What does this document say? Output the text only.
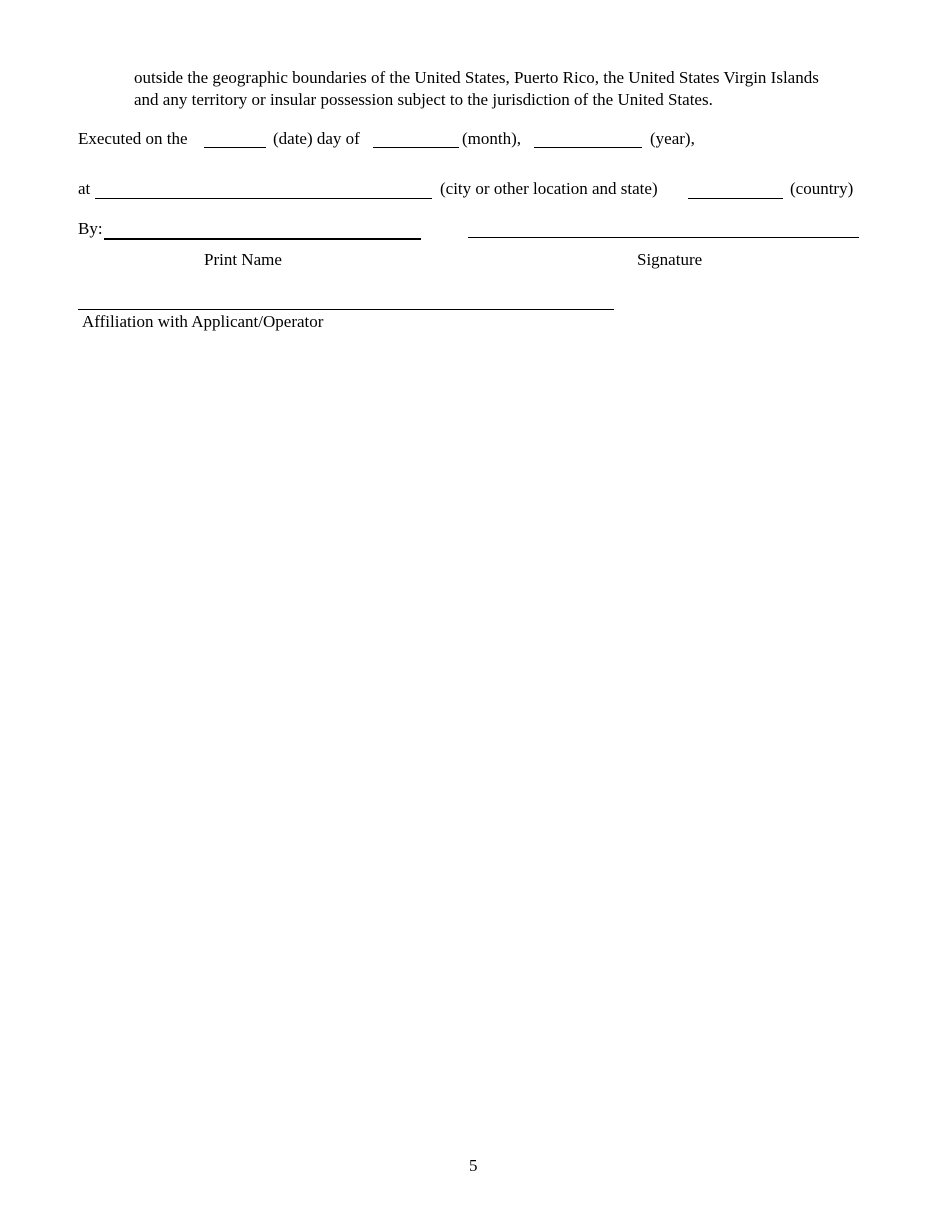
outside the geographic boundaries of the United States, Puerto Rico, the United States Virgin Islands
and any territory or insular possession subject to the jurisdiction of the United States.
Executed on the	(date) day of	(month),	(year),
at	(city or other location and state)	(country)
By:
Print Name	Signature
Affiliation with Applicant/Operator
5
